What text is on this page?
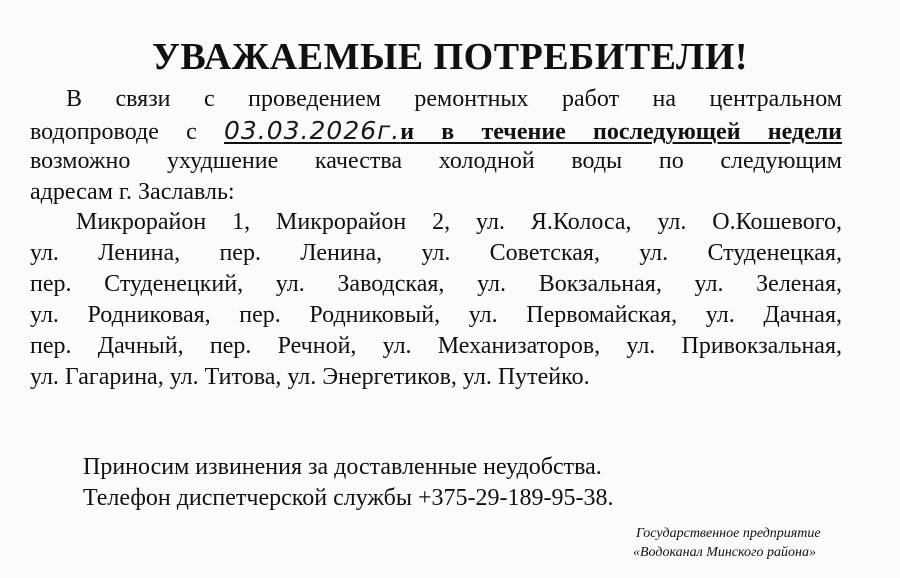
УВАЖАЕМЫЕ ПОТРЕБИТЕЛИ!
В связи с проведением ремонтных работ на центральном
водопроводе с 03.03.2026г.и в течение последующей недели
возможно ухудшение качества холодной воды по следующим
адресам г. Заславль:
Микрорайон 1, Микрорайон 2, ул. Я.Колоса, ул. О.Кошевого,
ул. Ленина, пер. Ленина, ул. Советская, ул. Студенецкая,
пер. Студенецкий, ул. Заводская, ул. Вокзальная, ул. Зеленая,
ул. Родниковая, пер. Родниковый, ул. Первомайская, ул. Дачная,
пер. Дачный, пер. Речной, ул. Механизаторов, ул. Привокзальная,
ул. Гагарина, ул. Титова, ул. Энергетиков, ул. Путейко.
Приносим извинения за доставленные неудобства.
Телефон диспетчерской службы +375-29-189-95-38.
Государственное предприятие
«Водоканал Минского района»
